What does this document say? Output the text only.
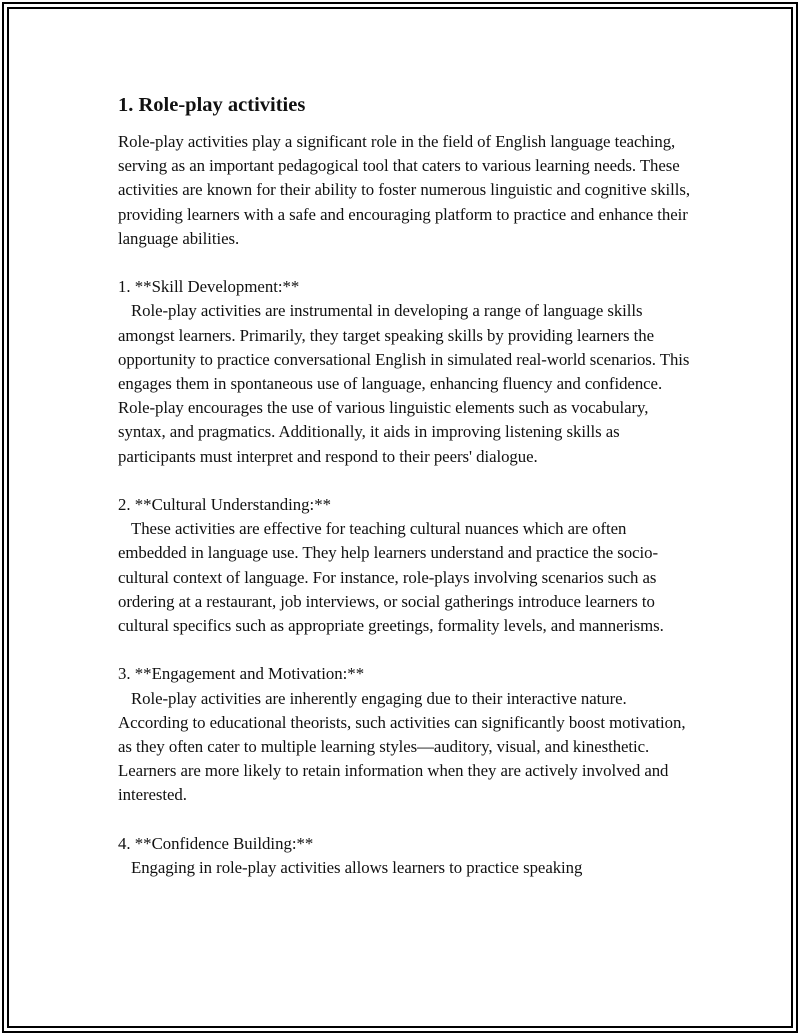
1. Role-play activities

Role-play activities play a significant role in the field of English language teaching, serving as an important pedagogical tool that caters to various learning needs. These activities are known for their ability to foster numerous linguistic and cognitive skills, providing learners with a safe and encouraging platform to practice and enhance their language abilities.

1. **Skill Development:**

Role-play activities are instrumental in developing a range of language skills amongst learners. Primarily, they target speaking skills by providing learners the opportunity to practice conversational English in simulated real-world scenarios. This engages them in spontaneous use of language, enhancing fluency and confidence. Role-play encourages the use of various linguistic elements such as vocabulary, syntax, and pragmatics. Additionally, it aids in improving listening skills as participants must interpret and respond to their peers' dialogue.

2. **Cultural Understanding:**

These activities are effective for teaching cultural nuances which are often embedded in language use. They help learners understand and practice the socio-cultural context of language. For instance, role-plays involving scenarios such as ordering at a restaurant, job interviews, or social gatherings introduce learners to cultural specifics such as appropriate greetings, formality levels, and mannerisms.

3. **Engagement and Motivation:**

Role-play activities are inherently engaging due to their interactive nature. According to educational theorists, such activities can significantly boost motivation, as they often cater to multiple learning styles—auditory, visual, and kinesthetic. Learners are more likely to retain information when they are actively involved and interested.

4. **Confidence Building:**

Engaging in role-play activities allows learners to practice speaking
